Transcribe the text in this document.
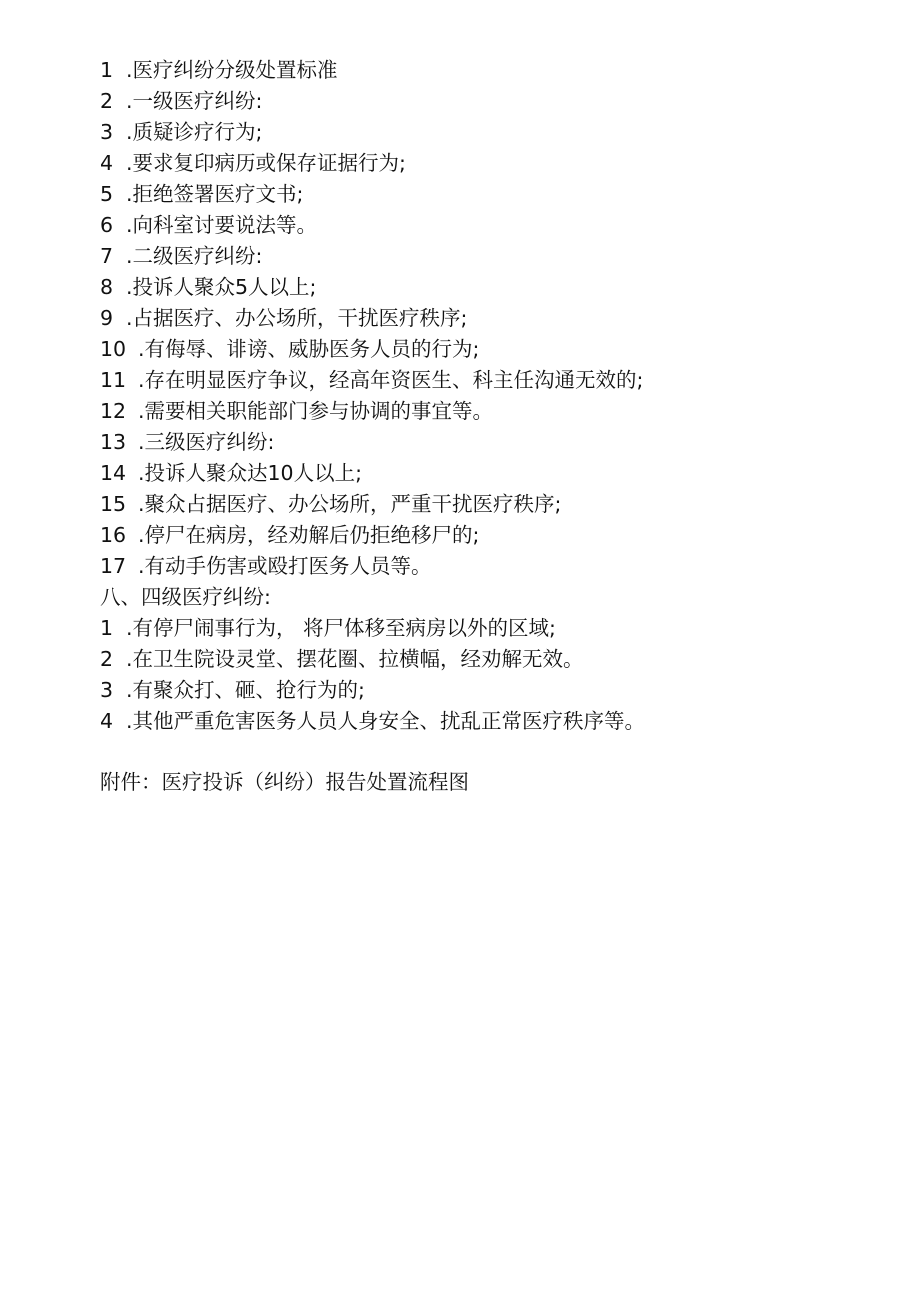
1 .医疗纠纷分级处置标准
2 .一级医疗纠纷:
3 .质疑诊疗行为;
4 .要求复印病历或保存证据行为;
5 .拒绝签署医疗文书;
6 .向科室讨要说法等。
7 .二级医疗纠纷:
8 .投诉人聚众5人以上;
9 .占据医疗、办公场所，干扰医疗秩序;
10 .有侮辱、诽谤、威胁医务人员的行为;
11 .存在明显医疗争议，经高年资医生、科主任沟通无效的;
12 .需要相关职能部门参与协调的事宜等。
13 .三级医疗纠纷:
14 .投诉人聚众达10人以上;
15 .聚众占据医疗、办公场所，严重干扰医疗秩序;
16 .停尸在病房，经劝解后仍拒绝移尸的;
17 .有动手伤害或殴打医务人员等。
八、四级医疗纠纷:
1 .有停尸闹事行为， 将尸体移至病房以外的区域;
2 .在卫生院设灵堂、摆花圈、拉横幅，经劝解无效。
3 .有聚众打、砸、抢行为的;
4 .其他严重危害医务人员人身安全、扰乱正常医疗秩序等。
附件：医疗投诉（纠纷）报告处置流程图
